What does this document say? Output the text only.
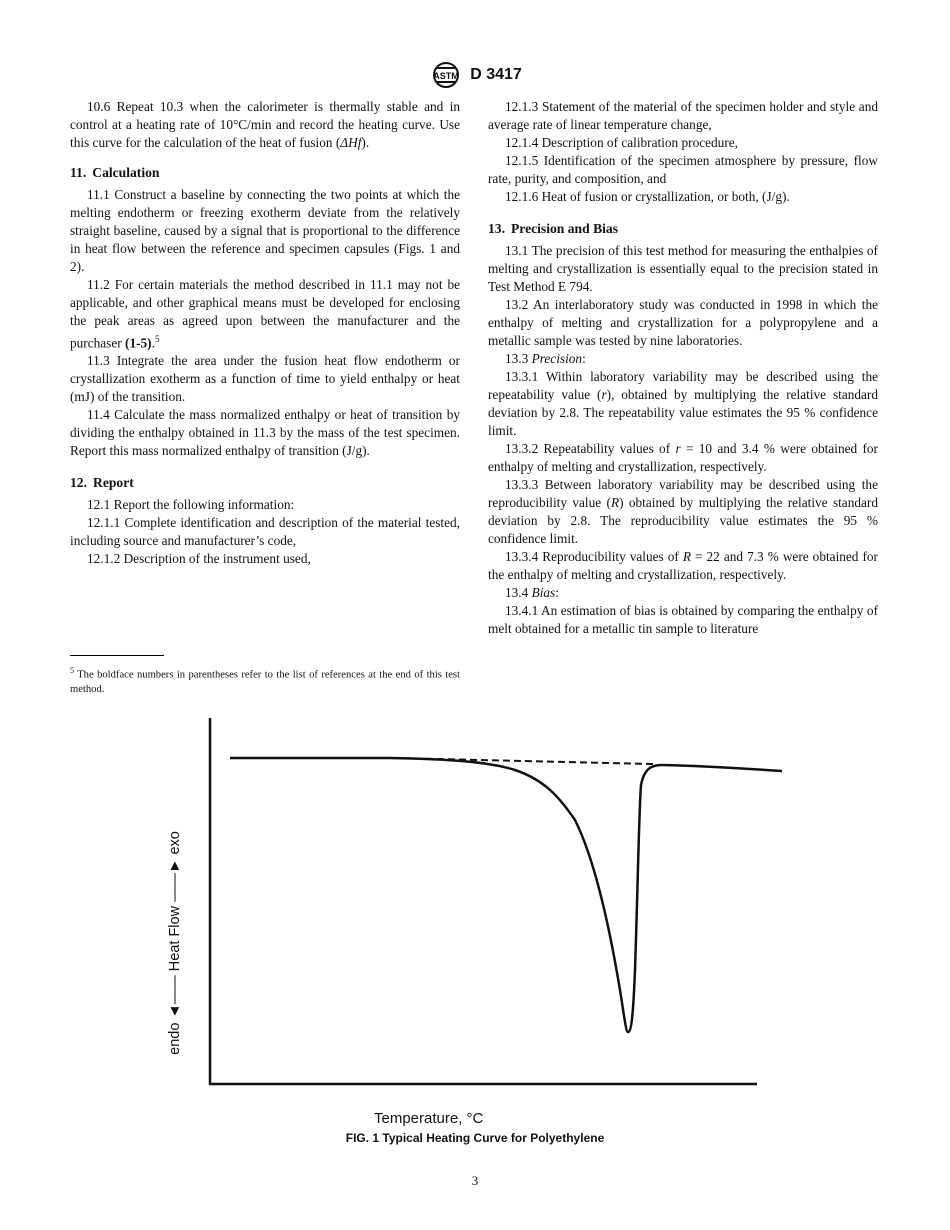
ASTM D 3417

10.6 Repeat 10.3 when the calorimeter is thermally stable and in control at a heating rate of 10°C/min and record the heating curve. Use this curve for the calculation of the heat of fusion (ΔHf).

11. Calculation

11.1 Construct a baseline by connecting the two points at which the melting endotherm or freezing exotherm deviate from the relatively straight baseline, caused by a signal that is proportional to the difference in heat flow between the reference and specimen capsules (Figs. 1 and 2).

11.2 For certain materials the method described in 11.1 may not be applicable, and other graphical means must be developed for enclosing the peak areas as agreed upon between the manufacturer and the purchaser (1-5).$^5$

11.3 Integrate the area under the fusion heat flow endotherm or crystallization exotherm as a function of time to yield enthalpy or heat (mJ) of the transition.

11.4 Calculate the mass normalized enthalpy or heat of transition by dividing the enthalpy obtained in 11.3 by the mass of the test specimen. Report this mass normalized enthalpy of transition (J/g).

12. Report

12.1 Report the following information:

12.1.1 Complete identification and description of the material tested, including source and manufacturer’s code,

12.1.2 Description of the instrument used,

12.1.3 Statement of the material of the specimen holder and style and average rate of linear temperature change,

12.1.4 Description of calibration procedure,

12.1.5 Identification of the specimen atmosphere by pressure, flow rate, purity, and composition, and

12.1.6 Heat of fusion or crystallization, or both, (J/g).

13. Precision and Bias

13.1 The precision of this test method for measuring the enthalpies of melting and crystallization is essentially equal to the precision stated in Test Method E 794.

13.2 An interlaboratory study was conducted in 1998 in which the enthalpy of melting and crystallization for a polypropylene and a metallic sample was tested by nine laboratories.

13.3 Precision:

13.3.1 Within laboratory variability may be described using the repeatability value (r), obtained by multiplying the relative standard deviation by 2.8. The repeatability value estimates the 95 % confidence limit.

13.3.2 Repeatability values of r = 10 and 3.4 % were obtained for enthalpy of melting and crystallization, respectively.

13.3.3 Between laboratory variability may be described using the reproducibility value (R) obtained by multiplying the relative standard deviation by 2.8. The reproducibility value estimates the 95 % confidence limit.

13.3.4 Reproducibility values of R = 22 and 7.3 % were obtained for the enthalpy of melting and crystallization, respectively.

13.4 Bias:

13.4.1 An estimation of bias is obtained by comparing the enthalpy of melt obtained for a metallic tin sample to literature

$^5$ The boldface numbers in parentheses refer to the list of references at the end of this test method.
endo ◄—— Heat Flow ——► exo
Temperature, °C
FIG. 1 Typical Heating Curve for Polyethylene
3
